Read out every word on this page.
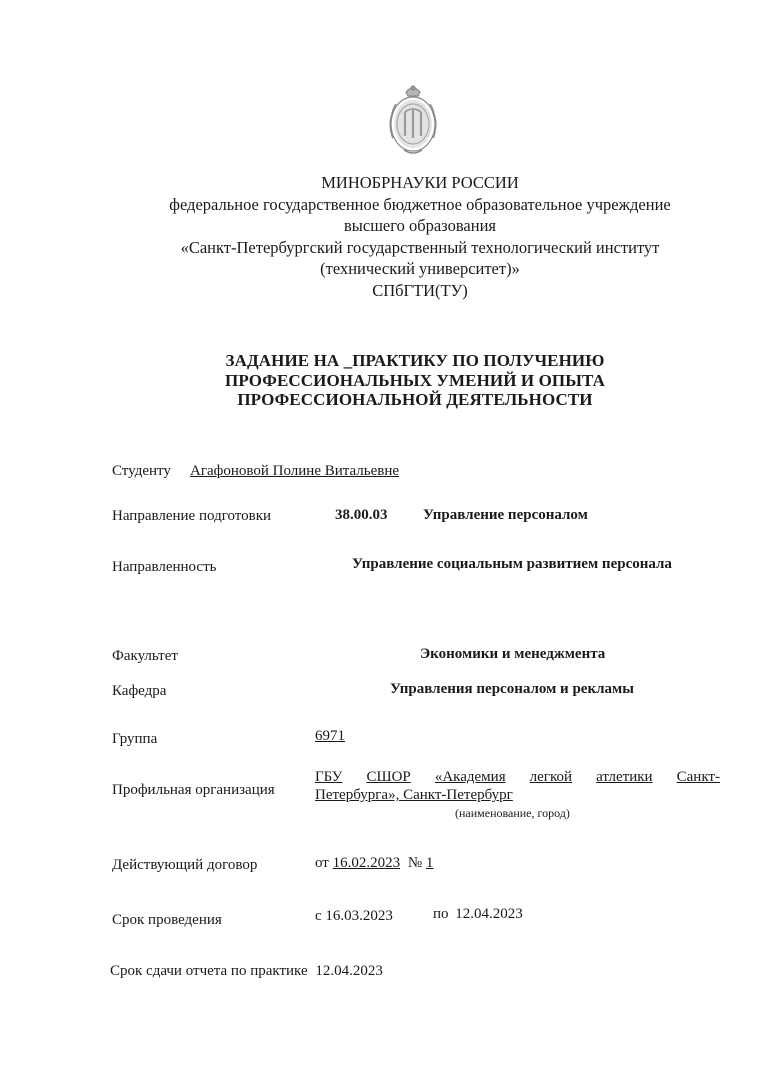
МИНОБРНАУКИ РОССИИ
федеральное государственное бюджетное образовательное учреждение
высшего образования
«Санкт-Петербургский государственный технологический институт
(технический университет)»
СПбГТИ(ТУ)
ЗАДАНИЕ НА _ПРАКТИКУ ПО ПОЛУЧЕНИЮ
ПРОФЕССИОНАЛЬНЫХ УМЕНИЙ И ОПЫТА
ПРОФЕССИОНАЛЬНОЙ ДЕЯТЕЛЬНОСТИ
Студенту Агафоновой Полине Витальевне
Направление подготовки	38.00.03 Управление персоналом
Направленность	Управление социальным развитием персонала
Факультет	Экономики и менеджмента
Кафедра	Управления персоналом и рекламы
Группа	6971
Профильная организация
ГБУ СШОР «Академия легкой атлетики Санкт-
Петербурга», Санкт-Петербург
(наименование, город)
Действующий договор	от 16.02.2023 № 1
Срок проведения	с 16.03.2023	по 12.04.2023
Срок сдачи отчета по практике 12.04.2023
